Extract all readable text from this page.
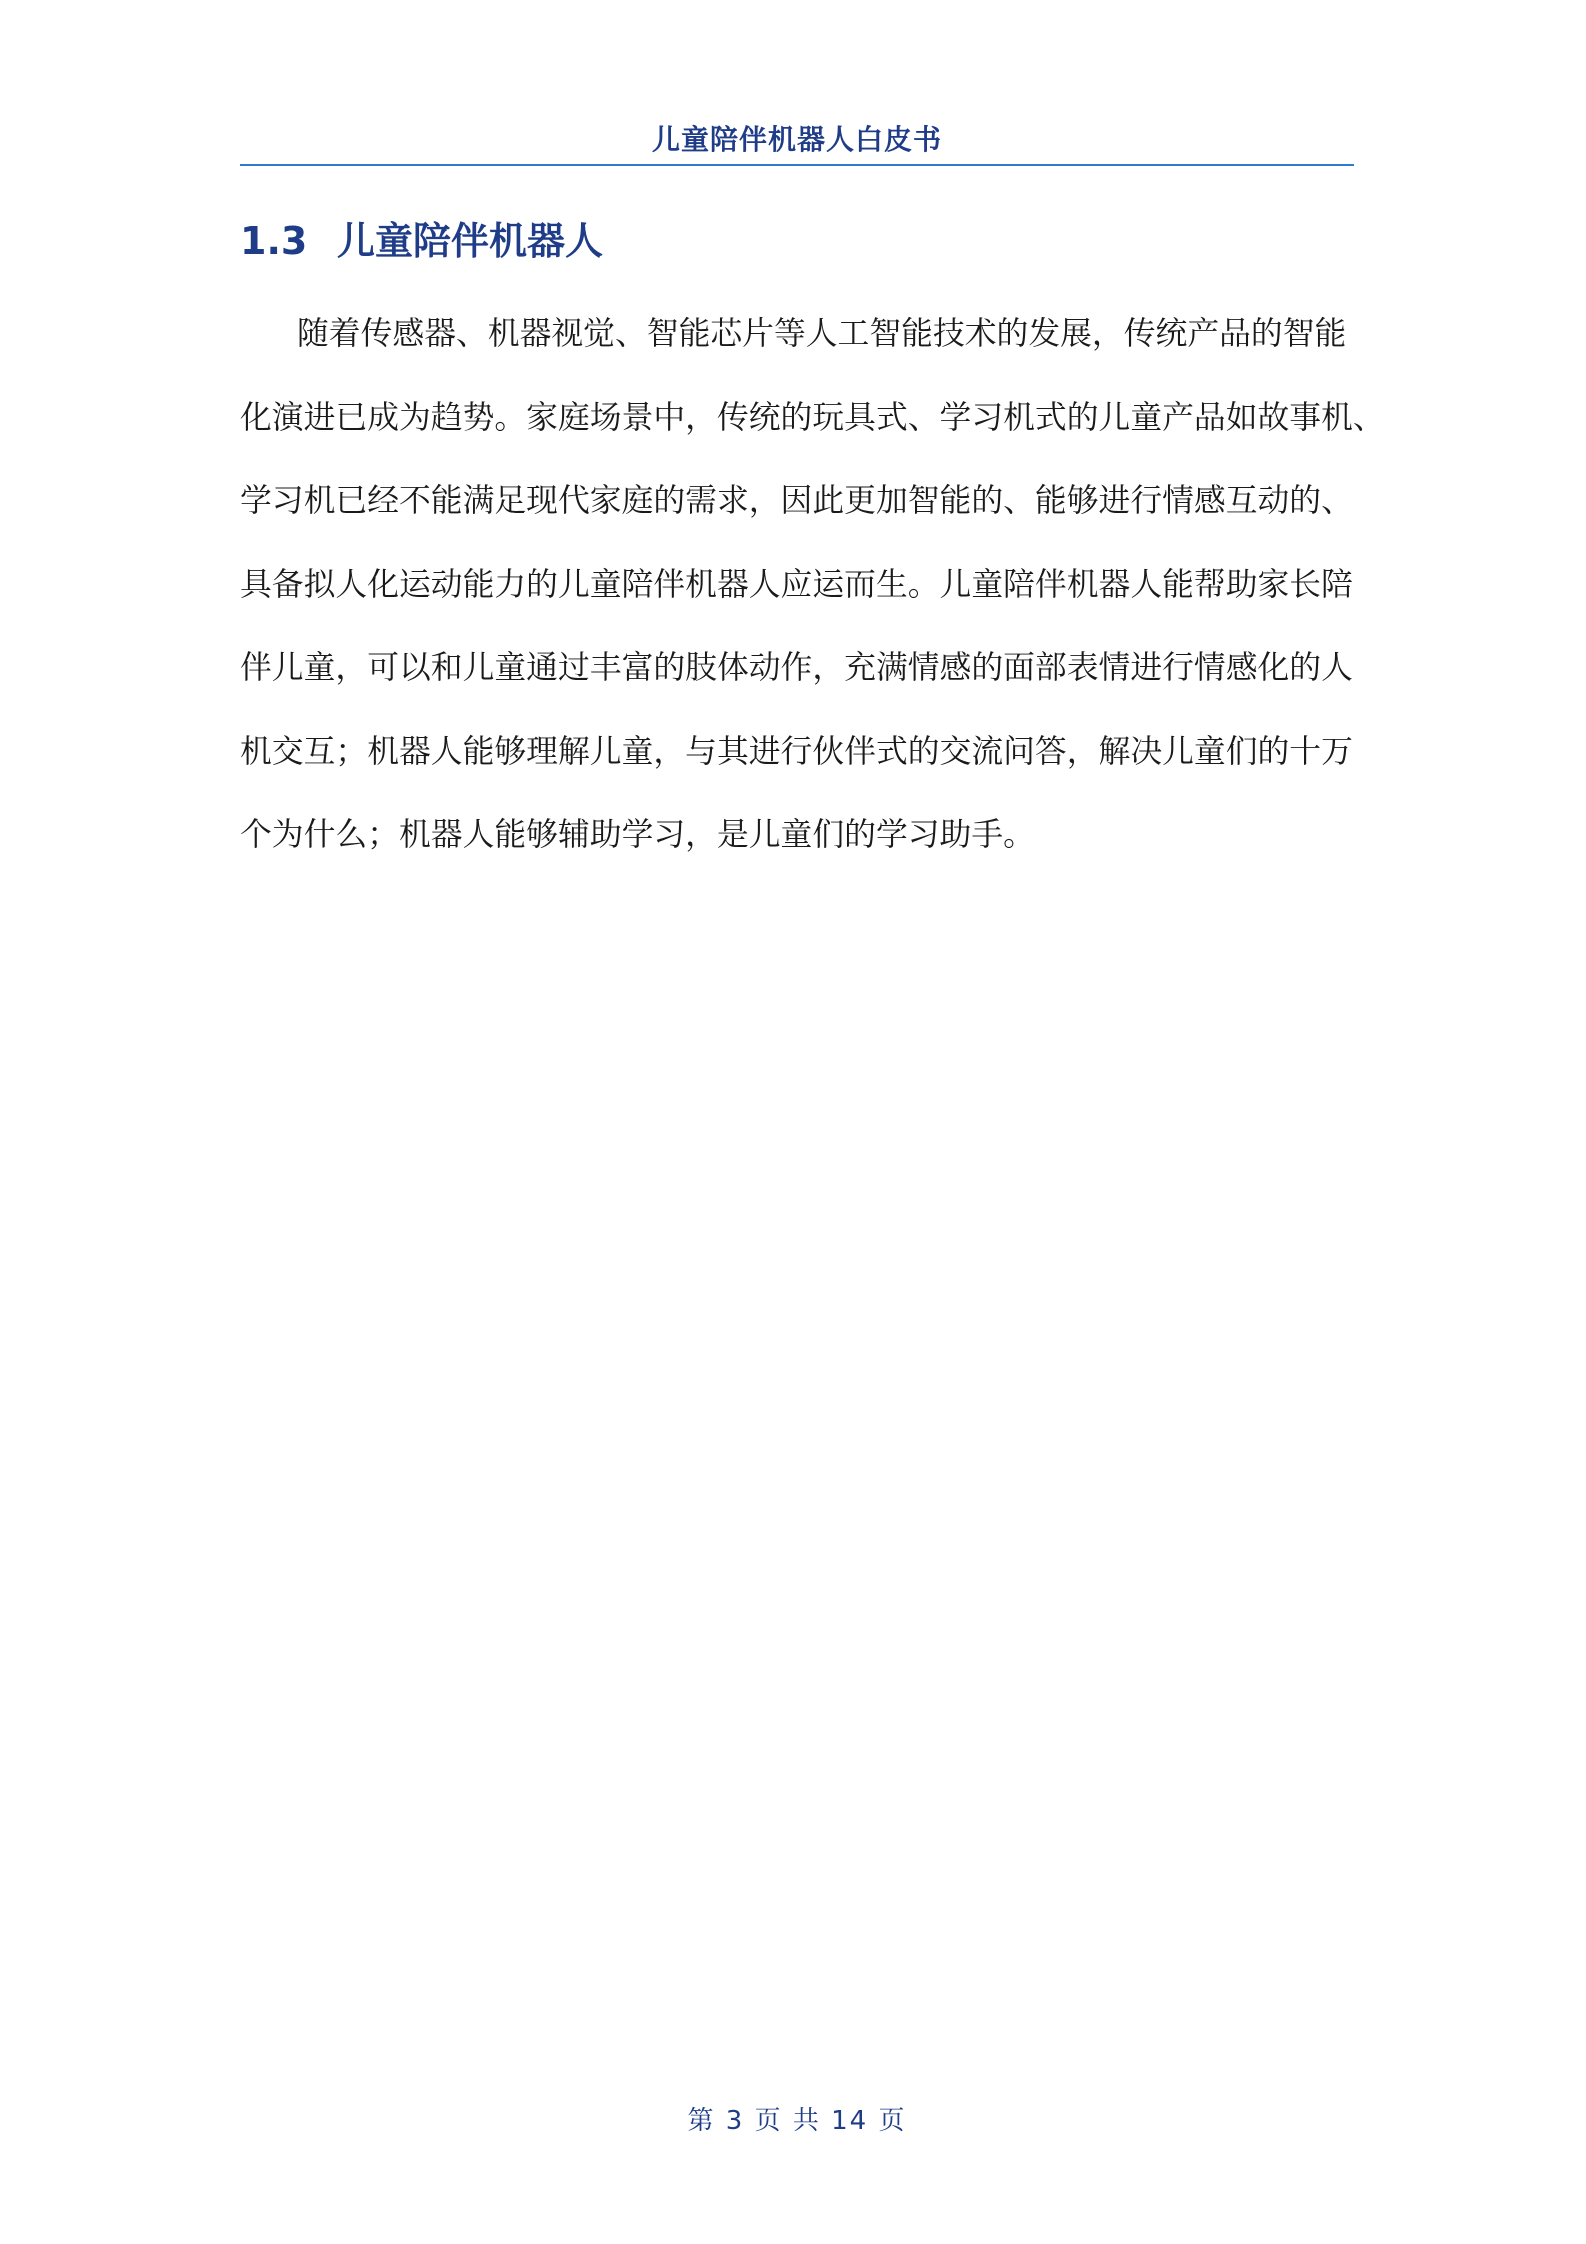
儿童陪伴机器人白皮书
1.3 儿童陪伴机器人
随着传感器、机器视觉、智能芯片等人工智能技术的发展，传统产品的智能
化演进已成为趋势。家庭场景中，传统的玩具式、学习机式的儿童产品如故事机、
学习机已经不能满足现代家庭的需求，因此更加智能的、能够进行情感互动的、
具备拟人化运动能力的儿童陪伴机器人应运而生。儿童陪伴机器人能帮助家长陪
伴儿童，可以和儿童通过丰富的肢体动作，充满情感的面部表情进行情感化的人
机交互；机器人能够理解儿童，与其进行伙伴式的交流问答，解决儿童们的十万
个为什么；机器人能够辅助学习，是儿童们的学习助手。
第 3 页 共 14 页
